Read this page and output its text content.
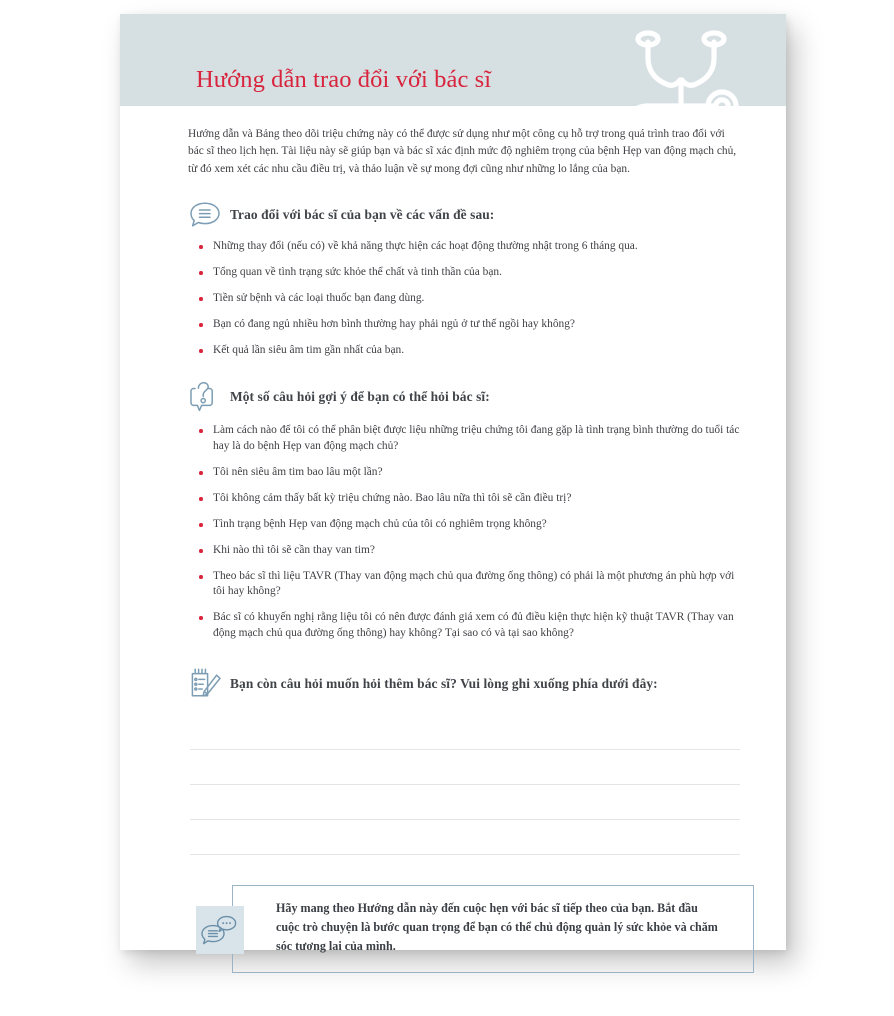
Hướng dẫn trao đổi với bác sĩ

Hướng dẫn và Bảng theo dõi triệu chứng này có thể được sử dụng như một công cụ hỗ trợ trong quá trình trao đổi với bác sĩ theo lịch hẹn. Tài liệu này sẽ giúp bạn và bác sĩ xác định mức độ nghiêm trọng của bệnh Hẹp van động mạch chủ, từ đó xem xét các nhu cầu điều trị, và thảo luận về sự mong đợi cũng như những lo lắng của bạn.

Trao đổi với bác sĩ của bạn về các vấn đề sau:
Những thay đổi (nếu có) về khả năng thực hiện các hoạt động thường nhật trong 6 tháng qua.
Tổng quan về tình trạng sức khỏe thể chất và tinh thần của bạn.
Tiền sử bệnh và các loại thuốc bạn đang dùng.
Bạn có đang ngủ nhiều hơn bình thường hay phải ngủ ở tư thế ngồi hay không?
Kết quả lần siêu âm tim gần nhất của bạn.
Một số câu hỏi gợi ý để bạn có thể hỏi bác sĩ:
Làm cách nào để tôi có thể phân biệt được liệu những triệu chứng tôi đang gặp là tình trạng bình thường do tuổi tác hay là do bệnh Hẹp van động mạch chủ?
Tôi nên siêu âm tim bao lâu một lần?
Tôi không cảm thấy bất kỳ triệu chứng nào. Bao lâu nữa thì tôi sẽ cần điều trị?
Tình trạng bệnh Hẹp van động mạch chủ của tôi có nghiêm trọng không?
Khi nào thì tôi sẽ cần thay van tim?
Theo bác sĩ thì liệu TAVR (Thay van động mạch chủ qua đường ống thông) có phải là một phương án phù hợp với tôi hay không?
Bác sĩ có khuyến nghị rằng liệu tôi có nên được đánh giá xem có đủ điều kiện thực hiện kỹ thuật TAVR (Thay van động mạch chủ qua đường ống thông) hay không? Tại sao có và tại sao không?
Bạn còn câu hỏi muốn hỏi thêm bác sĩ? Vui lòng ghi xuống phía dưới đây:
Hãy mang theo Hướng dẫn này đến cuộc hẹn với bác sĩ tiếp theo của bạn. Bắt đầu cuộc trò chuyện là bước quan trọng để bạn có thể chủ động quản lý sức khỏe và chăm sóc tương lai của mình.
